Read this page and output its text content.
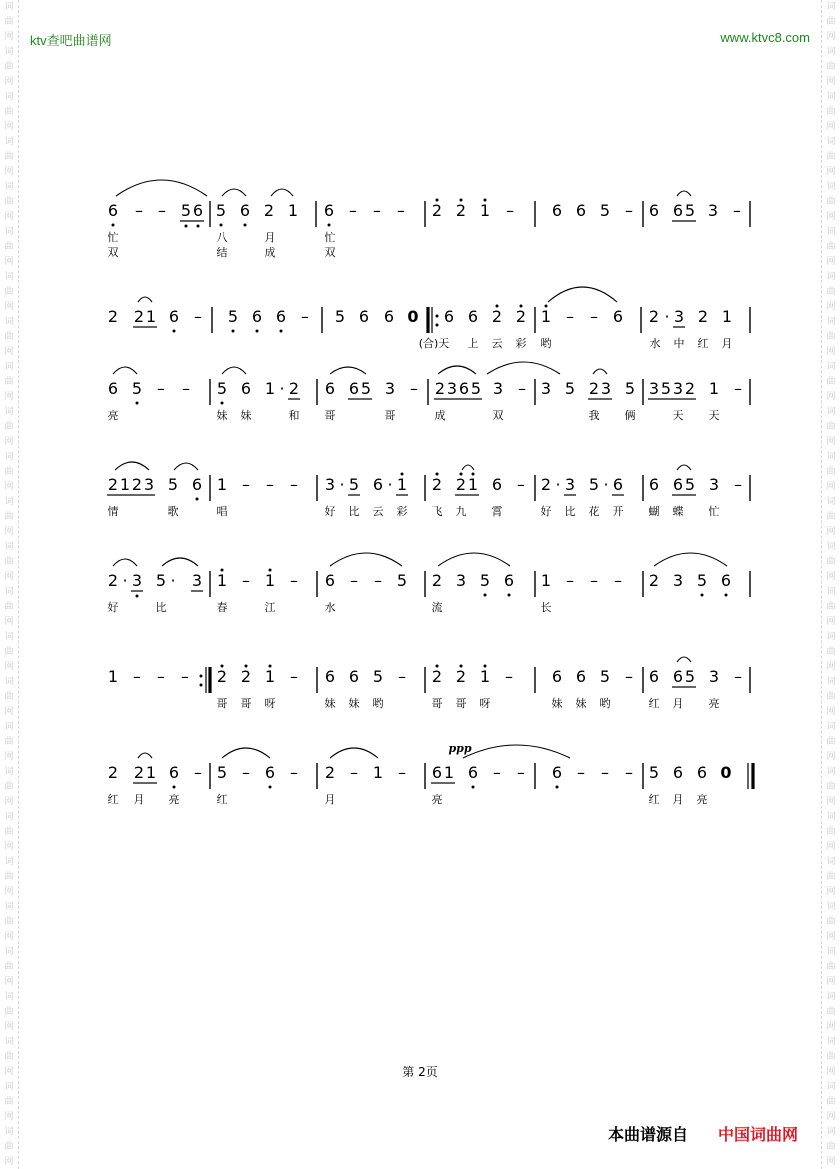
词
曲
网
词
曲
网
词
曲
网
词
曲
网
词
曲
网
词
曲
网
词
曲
网
词
曲
网
词
曲
网
词
曲
网
词
曲
网
词
曲
网
词
曲
网
词
曲
网
词
曲
网
词
曲
网
词
曲
网
词
曲
网
词
曲
网
词
曲
网
词
曲
网
词
曲
网
词
曲
网
词
曲
网
词
曲
网
词
曲
网
词
曲
网
词
曲
网
词
曲
网
词
曲
网
词
曲
网
词
曲
网
词
曲
网
词
曲
网
词
曲
网
词
曲
网
词
曲
网
词
曲
网
词
曲
网
词
曲
网
词
曲
网
词
曲
网
词
曲
网
词
曲
网
词
曲
网
词
曲
网
词
曲
网
词
曲
网
词
曲
网
词
曲
网
词
曲
网
词
曲
网
ktv查吧曲谱网	www.ktvc8.com
6 – – 5 6 5 6 2 1 6 – – – 2 2 1 – 6 6 5 – 6 6 5 3 –
忙	八	月	忙
双	结	成	双
2 2 1 6 – 5 6 6 – 5 6 6 0 6 6 2 2 1 – – 6 2 · 3 2 1
(合)天 上 云 彩 哟	水 中 红 月
6 5 – – 5 6 1 · 2 6 6 5 3 – 2 3 6 5 3 – 3 5 2 3 5 3 5 3 2 1 –
亮	妹 妹	和 哥	哥	成	双	我 俩	天 天
2 1 2 3 5 6 1 – – – 3 · 5 6 · 1 2 2 1 6 – 2 · 3 5 · 6 6 6 5 3 –
情	歌	唱	好 比 云 彩 飞 九 霄	好 比 花 开 蝴 蝶 忙
2 · 3 5 · 3 1 – 1 – 6 – – 5 2 3 5 6 1 – – – 2 3 5 6
好	比	春	江	水	流	长
1 – – – 2 2 1 – 6 6 5 – 2 2 1 – 6 6 5 – 6 6 5 3 –
哥 哥 呀	妹 妹 哟	哥 哥 呀	妹 妹 哟	红 月 亮
2 2 1 6 – 5 – 6 – 2 – 1 – 6 1 6 – – 6 – – – 5 6 6 0
红 月 亮	红	月	亮	红 月 亮
ppp
第 2页
本曲谱源自 中国词曲网
